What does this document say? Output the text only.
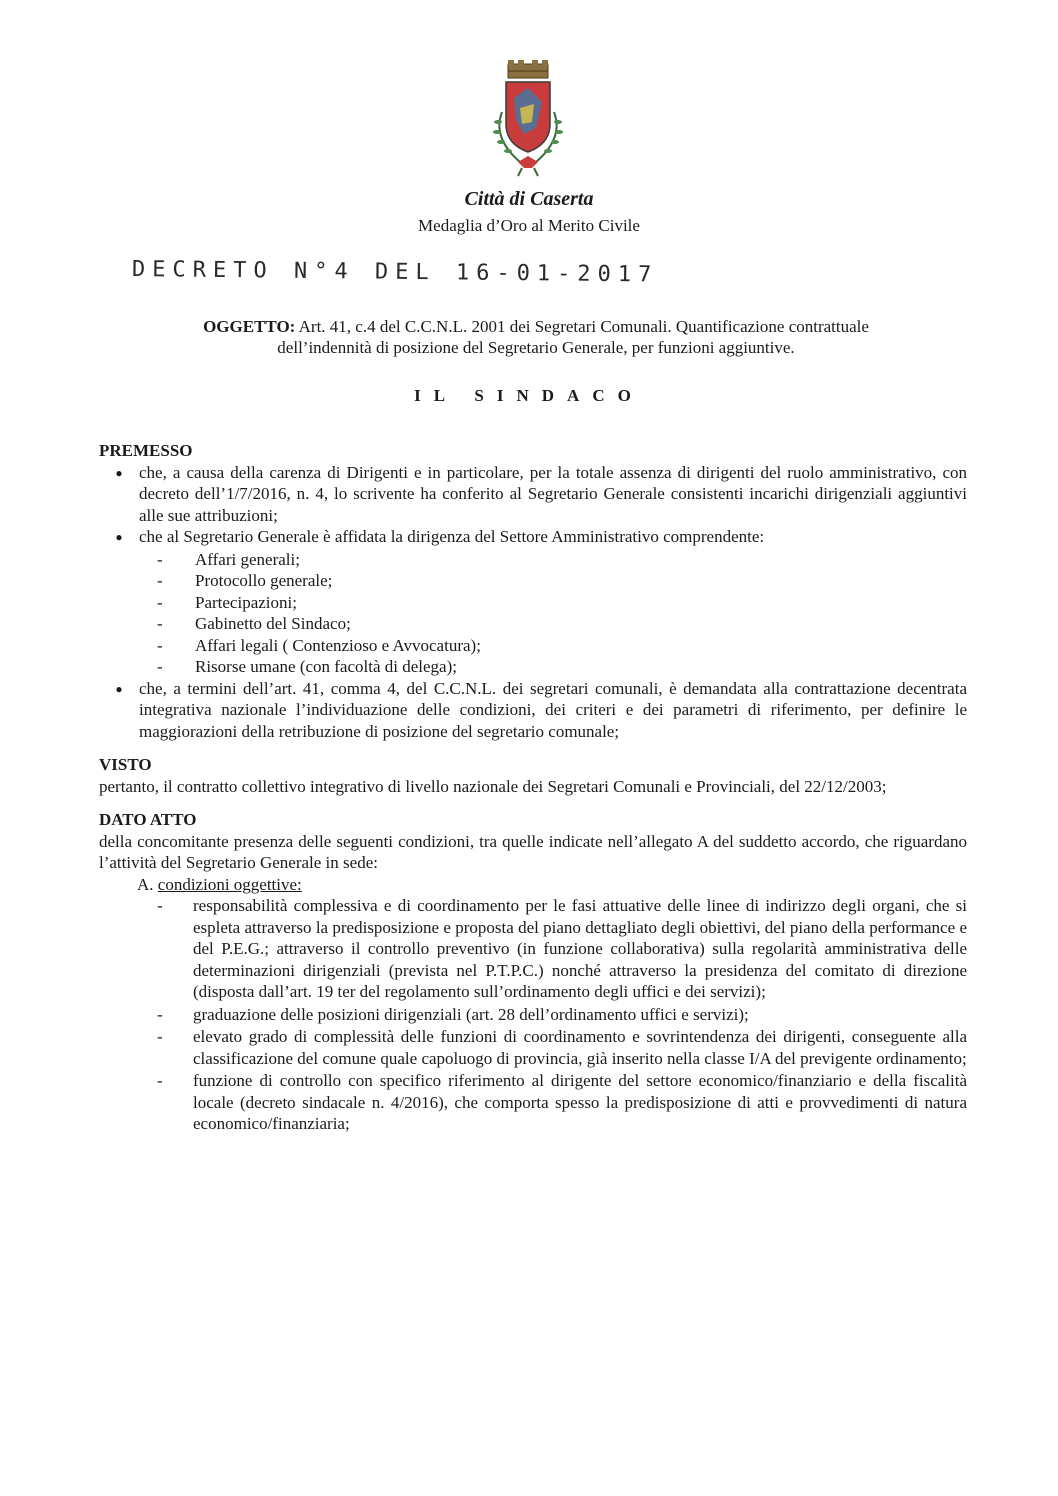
Città di Caserta
Medaglia d’Oro al Merito Civile
DECRETO N°4 DEL 16-01-2017
OGGETTO: Art. 41, c.4 del C.C.N.L. 2001 dei Segretari Comunali. Quantificazione contrattuale
dell’indennità di posizione del Segretario Generale, per funzioni aggiuntive.
IL SINDACO

PREMESSO

● che, a causa della carenza di Dirigenti e in particolare, per la totale assenza di dirigenti del ruolo amministrativo, con decreto dell’1/7/2016, n. 4, lo scrivente ha conferito al Segretario Generale consistenti incarichi dirigenziali aggiuntivi alle sue attribuzioni;
● che al Segretario Generale è affidata la dirigenza del Settore Amministrativo comprendente:
-	Affari generali;
-	Protocollo generale;
-	Partecipazioni;
-	Gabinetto del Sindaco;
-	Affari legali ( Contenzioso e Avvocatura);
-	Risorse umane (con facoltà di delega);
● che, a termini dell’art. 41, comma 4, del C.C.N.L. dei segretari comunali, è demandata alla contrattazione decentrata integrativa nazionale l’individuazione delle condizioni, dei criteri e dei parametri di riferimento, per definire le maggiorazioni della retribuzione di posizione del segretario comunale;

VISTO

pertanto, il contratto collettivo integrativo di livello nazionale dei Segretari Comunali e Provinciali, del 22/12/2003;

DATO ATTO

della concomitante presenza delle seguenti condizioni, tra quelle indicate nell’allegato A del suddetto accordo, che riguardano l’attività del Segretario Generale in sede:

A. condizioni oggettive:

-	responsabilità complessiva e di coordinamento per le fasi attuative delle linee di indirizzo degli organi, che si espleta attraverso la predisposizione e proposta del piano dettagliato degli obiettivi, del piano della performance e del P.E.G.; attraverso il controllo preventivo (in funzione collaborativa) sulla regolarità amministrativa delle determinazioni dirigenziali (prevista nel P.T.P.C.) nonché attraverso la presidenza del comitato di direzione (disposta dall’art. 19 ter del regolamento sull’ordinamento degli uffici e dei servizi);
-	graduazione delle posizioni dirigenziali (art. 28 dell’ordinamento uffici e servizi);
-	elevato grado di complessità delle funzioni di coordinamento e sovrintendenza dei dirigenti, conseguente alla classificazione del comune quale capoluogo di provincia, già inserito nella classe I/A del previgente ordinamento;
-	funzione di controllo con specifico riferimento al dirigente del settore economico/finanziario e della fiscalità locale (decreto sindacale n. 4/2016), che comporta spesso la predisposizione di atti e provvedimenti di natura economico/finanziaria;
